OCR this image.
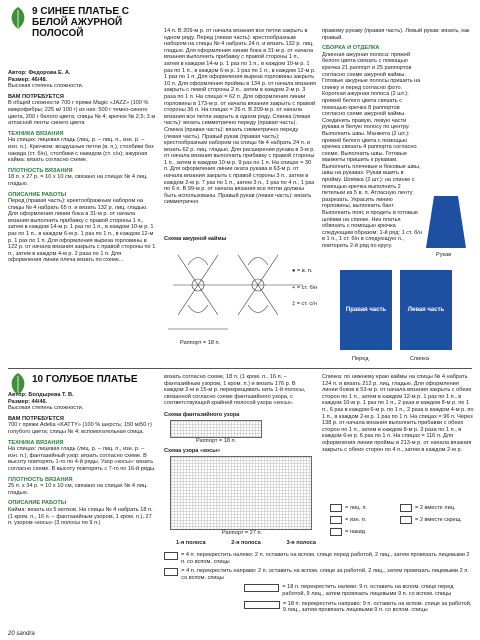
9 СИНЕЕ ПЛАТЬЕ С БЕЛОЙ АЖУРНОЙ ПОЛОСОЙ
Автор: Федорова Е. А.
Размер: 46/48.
Высокая степень сложности.
ВАМ ПОТРЕБУЕТСЯ
В общей сложности 700 г пряжи Magic «JAZZ» (100 % микрофибры; 225 м/ 100 г) из них: 500 г темно-синего цвета, 200 г белого цвета; спицы № 4; крючок № 2,5; 3 м атласной ленты синего цвета
ТЕХНИКА ВЯЗАНИЯ
На спицах: лицевая гладь (лиц. р. – лиц. п., изн. р. – изн. п.). Крючком: воздушные петли (в. п.), столбики без накида (ст. б/н), столбики с накидом (ст. с/н); ажурная кайма: вязать согласно схеме.
ПЛОТНОСТЬ ВЯЗАНИЯ
18 п. х 27 р. = 10 х 10 см, связано на спицах № 4 лиц. гладью.
ОПИСАНИЕ РАБОТЫ
Перед (правая часть): кректоображным набором на спицы № 4 набрать 65 п. и вязать 132 р. лиц. гладью. Для оформления линии бока в 31-м р. от начала вязания выполнить прибавку с правой стороны 1 п., затем в каждом 14-м р. 1 раз по 1 п., в каждом 10-м р. 1 раз по 1 п., в каждом 6-м р. 1 раз по 1 п., в каждом 12-м р. 1 раз по 1 п. Для оформления выреза горловины в 122 р. от начала вязания закрыть с правой стороны по 1 п., затем в каждом 4-м р. 2 раза по 1 п. Для оформления линии плеча вязать по схеме...
14 п. В 209-м р. от начала вязания все петли закрыть в одном ряду. Перед (левая часть): крестообразным набором на спицы № 4 набрать 24 п. и вязать 132 р. лиц. гладью. Для оформления линии бока в 31-м р. от начала вязания выполнить прибавку с правой стороны 1 п., затем в каждом 14-м р. 1 раз по 1 п., в каждом 10-м р. 1 раз по 1 п., в каждом 6-м р. 1 раз по 1 п., в каждом 12-м р. 1 раз по 1 п. Для оформления выреза горловины закрыть 10 п. Для оформления проймы в 134 р. от начала вязания закрыть с левой стороны 2 п., затем в каждом 2-м р. 3 раза по 1 п. На спицах = 62 п. Для оформления линии горловины в 173-м р. от начала вязания закрыть с правой стороны 36 п. На спицах = 26 п. В 209-м р. от начала вязания все петли закрыть в одном ряду. Спинка (левая часть): вязать симметрично переду (правая часть). Спинка (правая часть): вязать симметрично переду (левая часть). Правый рукав (правая часть): крестообразным набором на спицы № 4 набрать 24 п. и вязать 62 р. лиц. гладью. Для расширения рукава в 3-м р. от начала вязания выполнить прибавку с правой стороны 1 п., затем в каждом 10-м р. 9 раз по 1 п. На спицах = 30 п. Для оформления линии оката рукава в 63-м р. от начала вязания закрыть с правой стороны 3 п., затем в каждом 2-м р. 7 раз по 1 п., затем 3 п., 1 раз по 4 п., 1 раз по 6 п. В 99-м р. от начала вязания все петли должны быть использованы. Правый рукав (левая часть): вязать симметрично
Схема ажурной каймы
Раппорт = 18 п.
● = в. п.
+ = ст. б/н
‡ = ст. с/н
правому рукаву (правая часть). Левый рукав: вязать, как правый.
СБОРКА И ОТДЕЛКА
Длинная ажурная полоса: пряжей белого цвета связать с помощью крючка 21 раппорт и 25 раппортов согласно схеме ажурной каймы. Готовые ажурные полосы пришить на спинку и перед согласно фото. Короткая ажурная полоса (2 шт.): пряжей белого цвета связать с помощью крючка 8 раппортов согласно схеме ажурной каймы. Соединить правую, левую части рукава и белую полосу по центру. Выполнить швы. Манжета (2 шт.): пряжей белого цвета с помощью крючка связать 4 раппорта согласно схеме. Выполнить швы. Готовые манжеты пришить к рукавам. Выполнить плечевые и боковые швы, швы на рукавах. Рукав вшить в пройму. Шлёвка (2 шт.): на спинке с помощью крючка выполнить 2 петельки из 5 в. п. Атласную ленту разрезать. Украсить линию горловины, выполнить бант. Выполнить пояс и продеть в готовые шлёвки на спинке. Низ платья обвязать с помощью крючка следующим образом: 1-й ряд: 1 ст. б/н в 1 п., 1 ст. б/н в следующую п., повторить 2-й ряд по кругу.
Рукав
Правая часть	Левая часть
Перед	Спинка
10 ГОЛУБОЕ ПЛАТЬЕ
Автор: Болдырева Т. В.
Размер: 44/46.
Высокая степень сложности.
ВАМ ПОТРЕБУЕТСЯ
700 г пряжи Adelia «KATTY» (100 % шерсть; 150 м/50 г) голубого цвета; спицы № 4; вспомогательная спица.
ТЕХНИКА ВЯЗАНИЯ
На спицах: лицевая гладь (лиц. р. – лиц. п., изн. р. – изн. п.); фантазийный узор: вязать согласно схеме. В высоту повторять 1-го по 4-й ряды. Узор «косы»: вязать согласно схеме. В высоту повторять с 7-го по 16-й ряды.
ПЛОТНОСТЬ ВЯЗАНИЯ
25 п. х 34 р. = 10 х 10 см, связано на спицах № 4 лиц. гладью.
ОПИСАНИЕ РАБОТЫ
Кайма: вязать из 5 мотков. На спицы № 4 набрать 18 п. (1 кром. п., 16 п. – фантазийным узором, 1 кром. п.), 27 п. узором «косы» (3 полосы по 9 п.)
вязать согласно схеме, 18 п. (1 кром. п., 16 п. – фантазийным узором, 1 кром. п.) и вязать 176 р. В каждом 2-м и 15-м р. перекрещивать нить 1-й полосы, связанной согласно схеме фантазийного узора, с соответствующей крайней полосой узора «косы».
Схема фантазийного узора
Раппорт = 18 п.
Схема узора «косы»
Раппорт = 27 п.
1-я полоса	2-я полоса	3-я полоса
Спинка: по нижнему краю каймы на спицы № 4 набрать 124 п. и вязать 212 р. лиц. гладью. Для оформления линии боков в 53-м р. от начала вязания закрыть с обеих сторон по 1 п., затем в каждом 12-м р. 1 раз по 1 п., в каждом 10-м р. 1 раз по 1 п., 2 раза в каждом 8-м р. по 1 п., 6 раз в каждом 6-м р. по 1 п., 2 раза в каждом 4-м р. по 1 п., в каждом 2-м р. 1 раз по 1 п. На спицах = 96 п. Через 138 р. от начала вязания выполнить прибавки с обеих сторон по 1 п., затем в каждом 8-м р. 3 раза по 1 п., в каждом 6-м р. 6 раз по 1 п. На спицах = 116 п. Для оформления линии проймы в 213-м р. от начала вязания закрыть с обеих сторон по 4 п., затем в каждом 2-м р.
= лиц. п.
= изн. п.
= накид
= 2 вместе лиц.
= 2 вместе скрещ.
= 4 п. перекрестить налево: 2 п. оставить на вспом. спице перед работой, 2 лиц., затем провязать лицевыми 2 п. со вспом. спицы
= 4 п. перекрестить направо: 2 п. оставить на вспом. спице за работой, 2 лиц., затем провязать лицевыми 2 п. со вспом. спицы
= 18 п. перекрестить налево: 9 п. оставить на вспом. спице перед работой, 9 лиц., затем провязать лицевыми 9 п. со вспом. спицы
= 18 п. перекрестить направо: 9 п. оставить на вспом. спице за работой, 9 лиц., затем провязать лицевыми 9 п. со вспом. спицы
20 sandra
